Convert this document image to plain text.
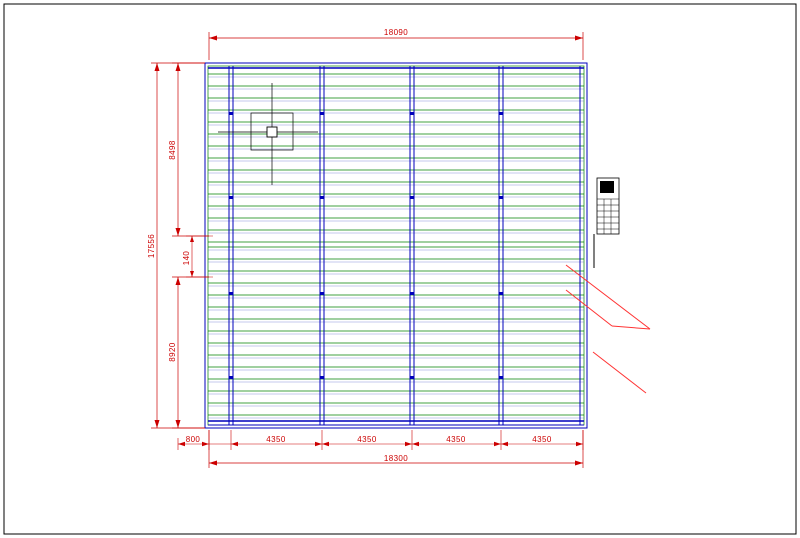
18090
18300
800	4350	4350	4350	4350
17556
8498
140
8920
